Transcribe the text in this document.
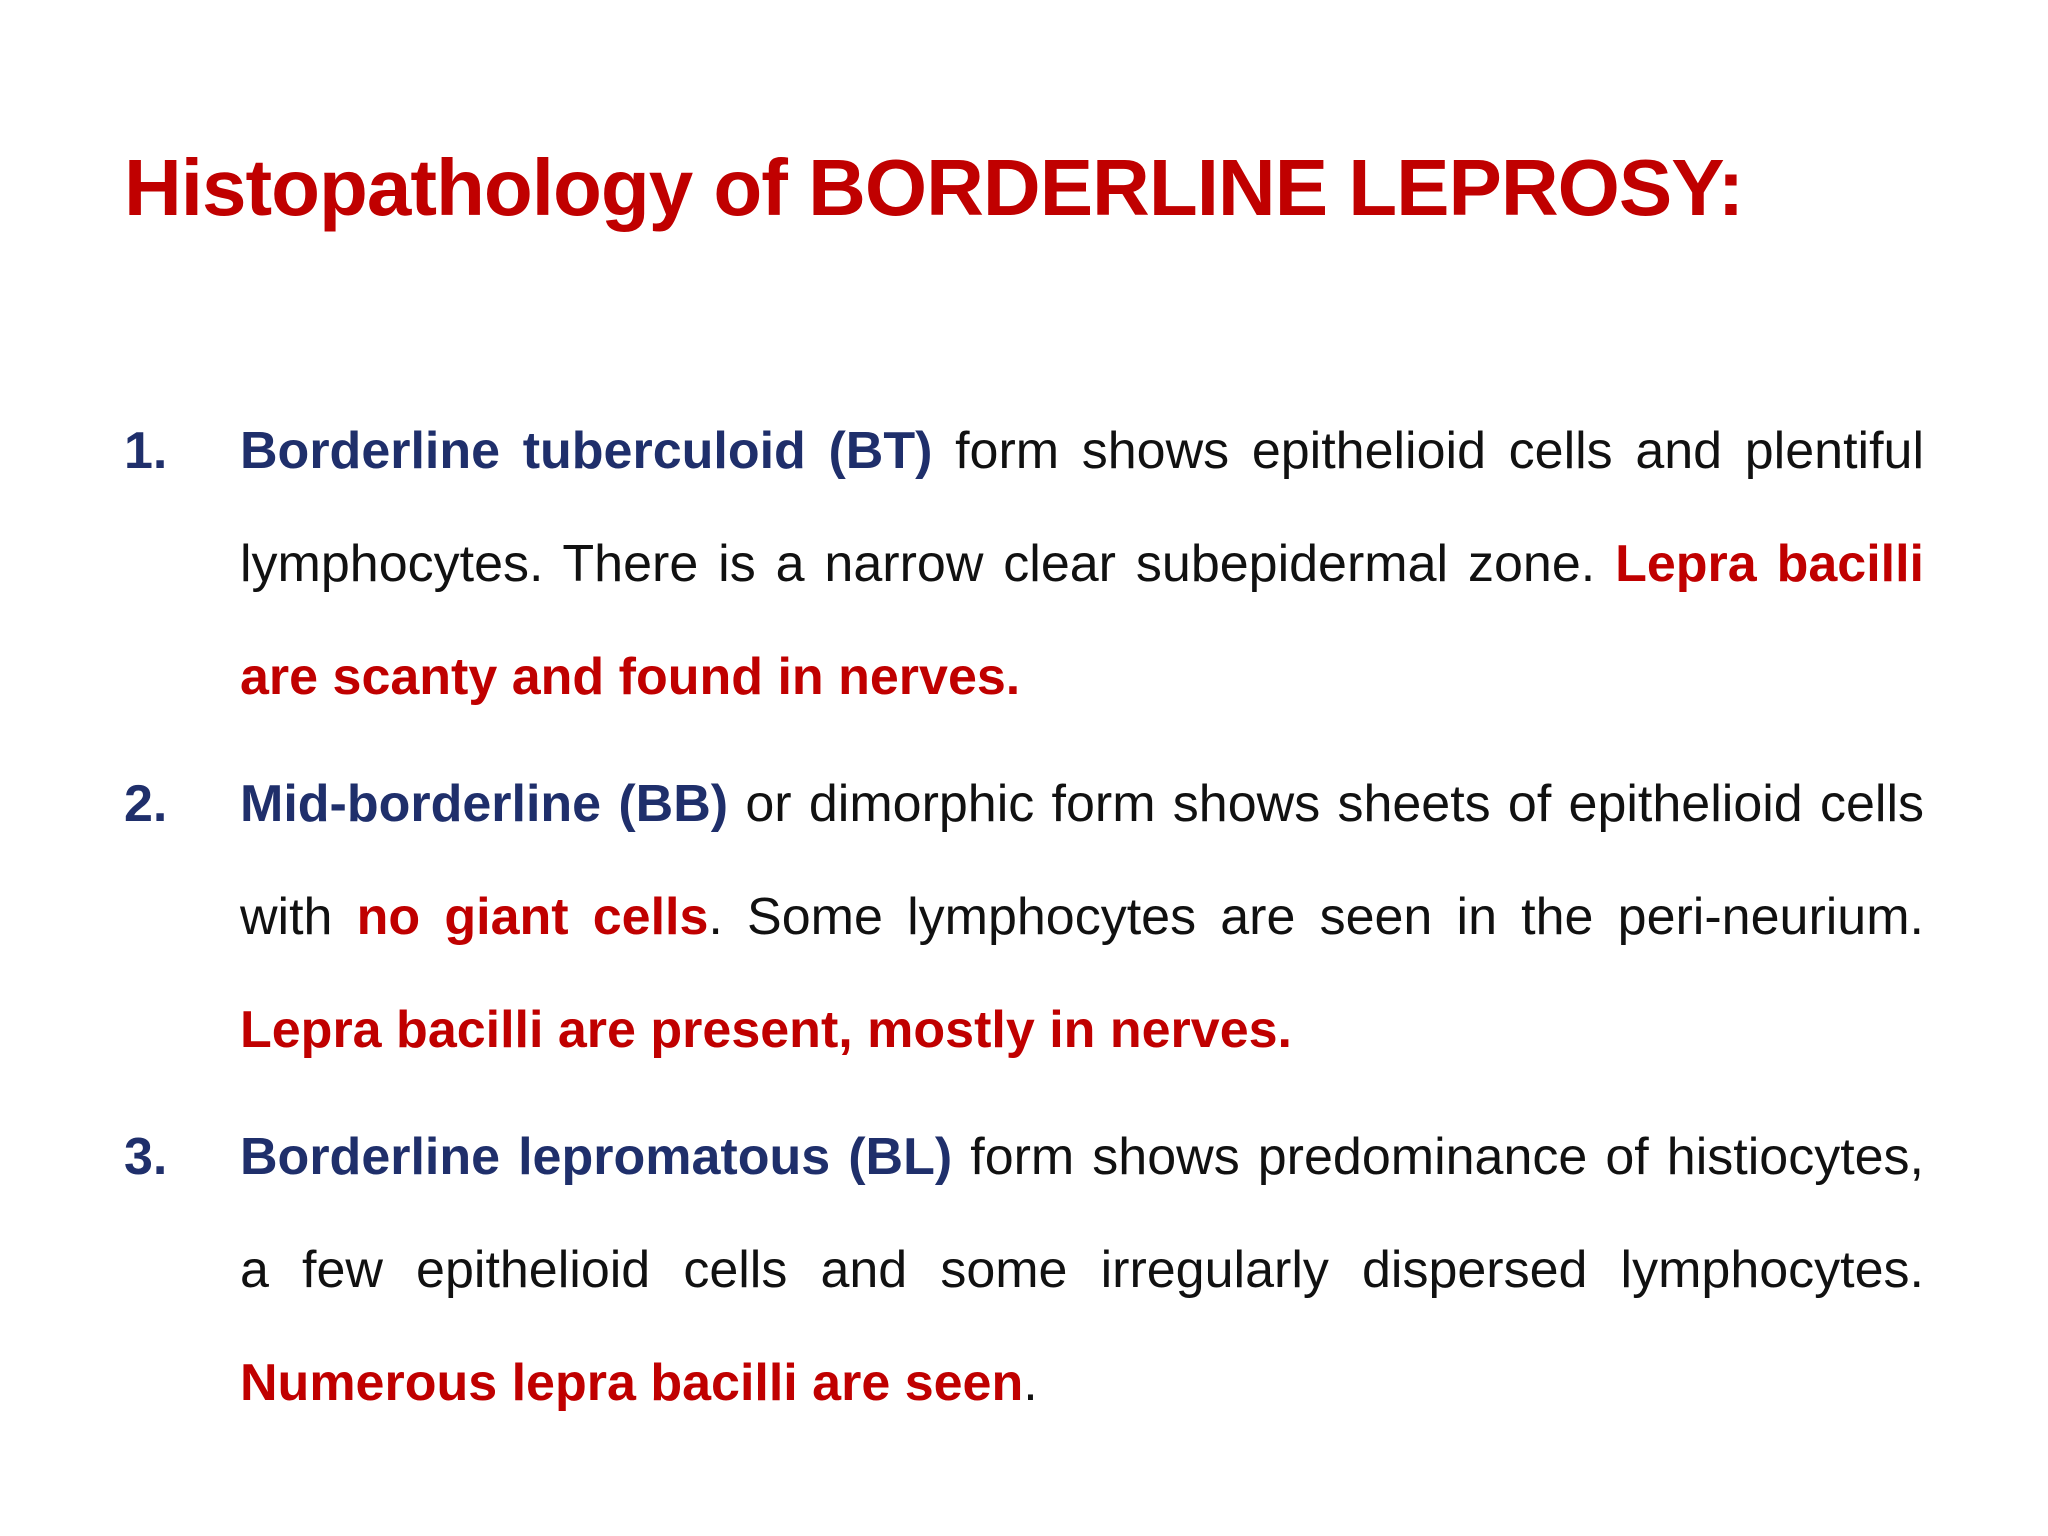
Histopathology of BORDERLINE LEPROSY:
1.	Borderline tuberculoid (BT) form shows epithelioid cells and plentiful lymphocytes. There is a narrow clear subepidermal zone. Lepra bacilli are scanty and found in nerves.
2.	Mid-borderline (BB) or dimorphic form shows sheets of epithelioid cells with no giant cells. Some lymphocytes are seen in the peri-neurium. Lepra bacilli are present, mostly in nerves.
3.	Borderline lepromatous (BL) form shows predominance of histiocytes, a few epithelioid cells and some irregularly dispersed lymphocytes. Numerous lepra bacilli are seen.
